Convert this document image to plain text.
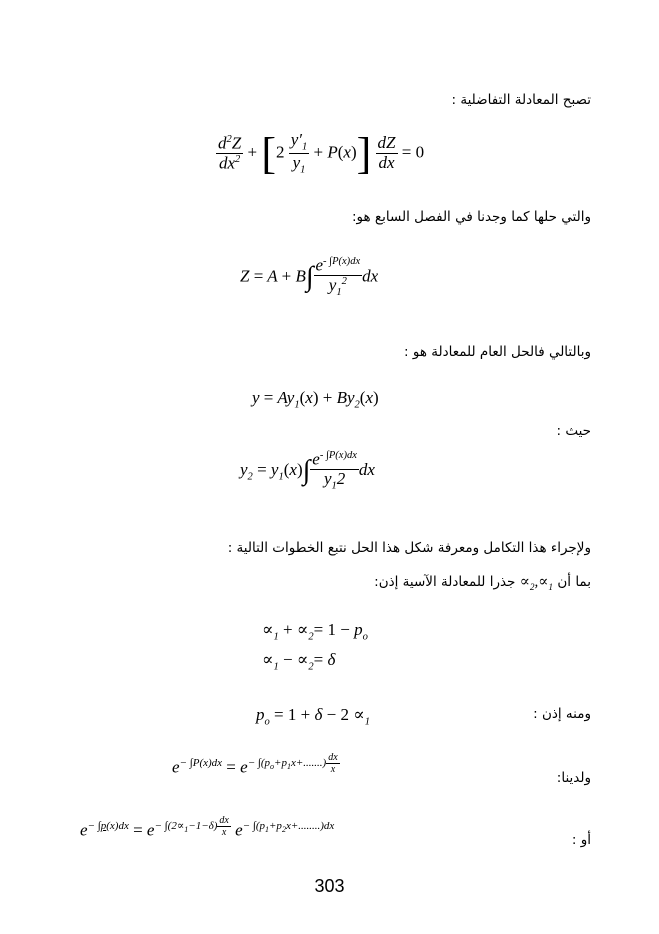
تصبح المعادلة التفاضلية :
والتي حلها كما وجدنا في الفصل السابع هو:
وبالتالي فالحل العام للمعادلة هو :
حيث :
ولإجراء هذا التكامل ومعرفة شكل هذا الحل نتبع الخطوات التالية :
بما أن $\propto_2,\propto_1$ جذرا للمعادلة الآسية إذن:
ومنه إذن :
ولدينا:
أو :
$\frac{d^2Z}{dx^2} + [2 \frac{y'_1}{y_1} + P(x)] \frac{dZ}{dx} = 0$
$Z = A + B\int \frac{e^{- \int P(x)dx}}{y_1^2}$ dx
$y = Ay_1(x) + By_2(x)$
$y_2 = y_1(x)\int \frac{e^{- \int P(x)dx}}{y_12}$ dx
$\propto_1 + \propto_2= 1 - p_o$
$\propto_1 - \propto_2= \delta$
$p_o = 1 + \delta - 2 \propto_1$
$e^{- \int P(x)dx} = e^{- \int(p_o+p_1x+.......) \frac{dx}{x}}$
$e^{- \int p(x)dx} = e^{- \int(2\propto_1-1-\delta) \frac{dx}{x}}$ $e^{- \int(p_1+p_2x+........)dx}$
303
